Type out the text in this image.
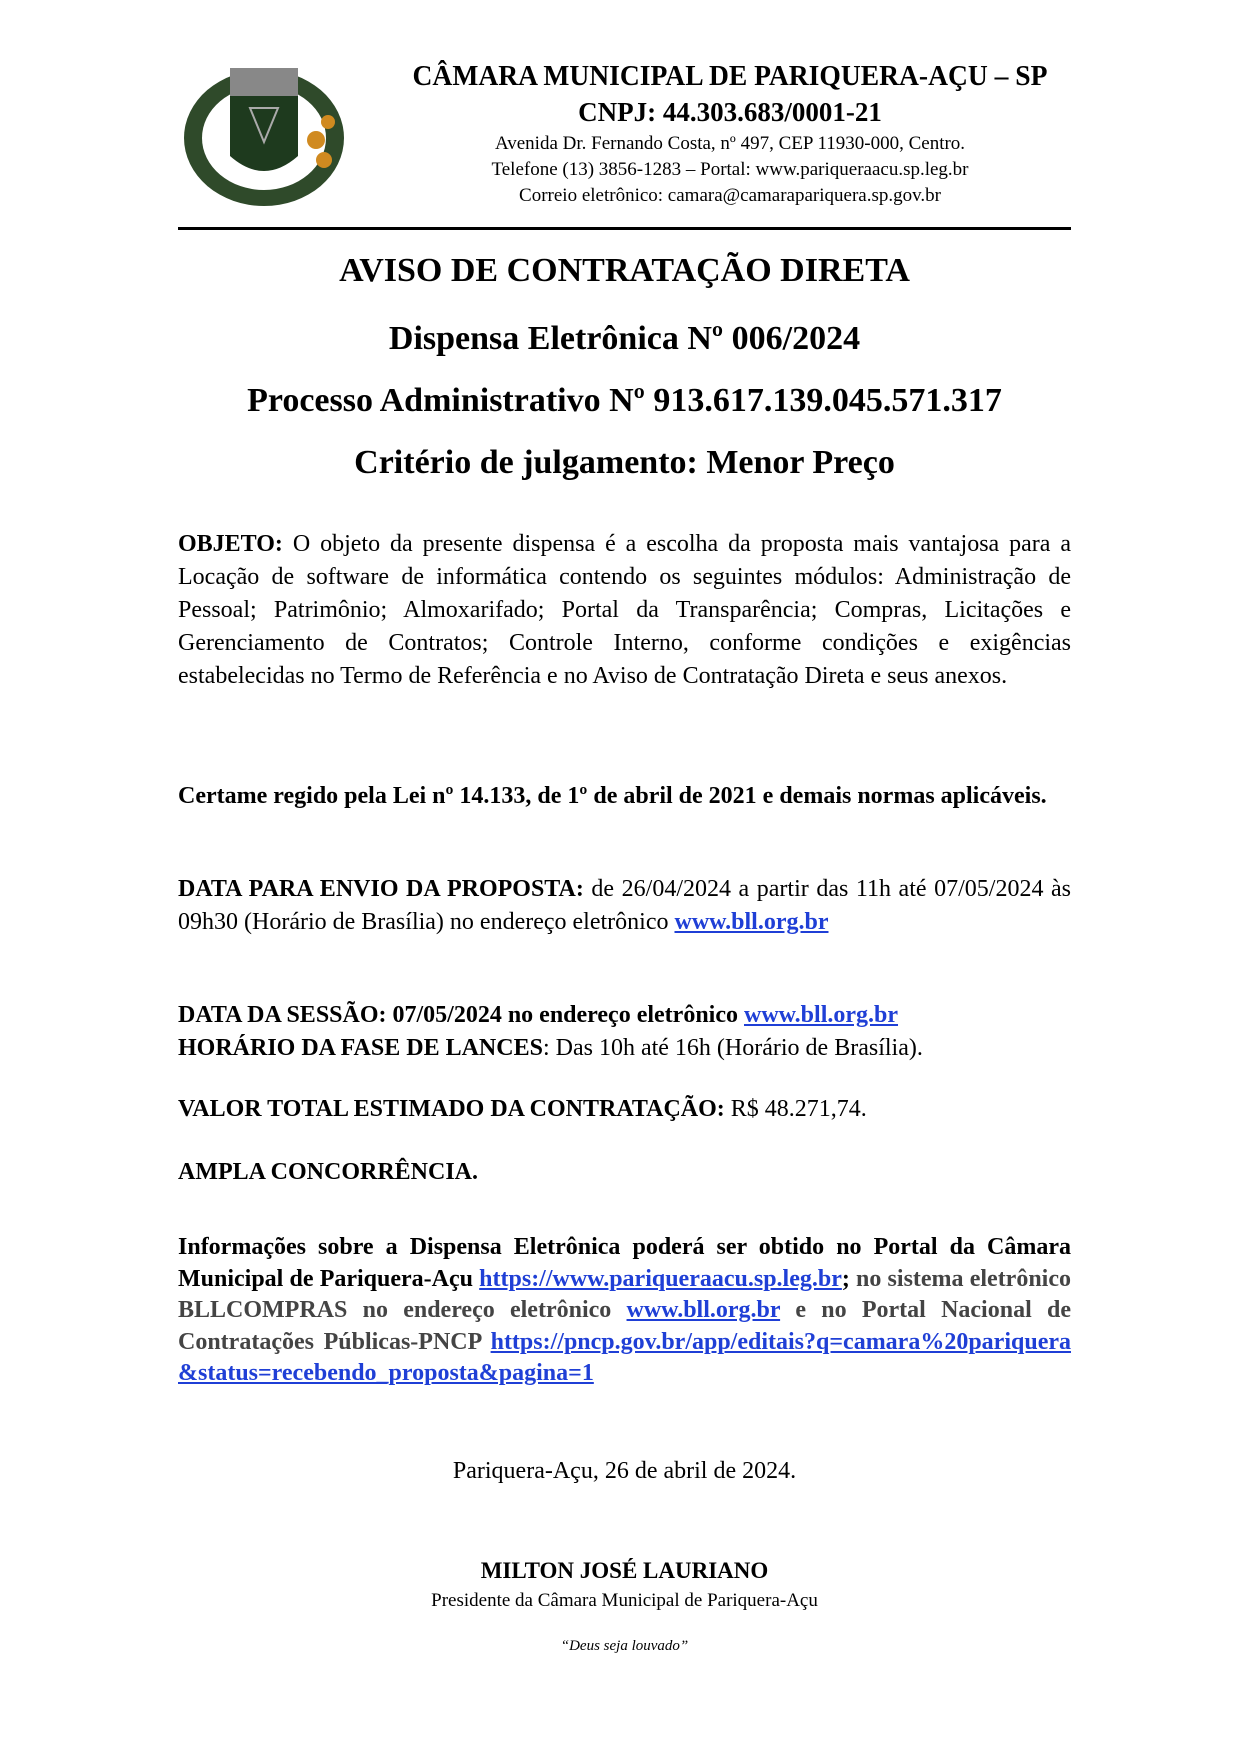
CÂMARA MUNICIPAL DE PARIQUERA-AÇU – SP
CNPJ: 44.303.683/0001-21
Avenida Dr. Fernando Costa, nº 497, CEP 11930-000, Centro.
Telefone (13) 3856-1283 – Portal: www.pariqueraacu.sp.leg.br
Correio eletrônico: camara@camarapariquera.sp.gov.br
AVISO DE CONTRATAÇÃO DIRETA
Dispensa Eletrônica Nº 006/2024
Processo Administrativo Nº 913.617.139.045.571.317
Critério de julgamento: Menor Preço
OBJETO: O objeto da presente dispensa é a escolha da proposta mais vantajosa para a Locação de software de informática contendo os seguintes módulos: Administração de Pessoal; Patrimônio; Almoxarifado; Portal da Transparência; Compras, Licitações e Gerenciamento de Contratos; Controle Interno, conforme condições e exigências estabelecidas no Termo de Referência e no Aviso de Contratação Direta e seus anexos.
Certame regido pela Lei nº 14.133, de 1º de abril de 2021 e demais normas aplicáveis.
DATA PARA ENVIO DA PROPOSTA: de 26/04/2024 a partir das 11h até 07/05/2024 às 09h30 (Horário de Brasília) no endereço eletrônico www.bll.org.br
DATA DA SESSÃO: 07/05/2024 no endereço eletrônico www.bll.org.br
HORÁRIO DA FASE DE LANCES: Das 10h até 16h (Horário de Brasília).
VALOR TOTAL ESTIMADO DA CONTRATAÇÃO: R$ 48.271,74.
AMPLA CONCORRÊNCIA.
Informações sobre a Dispensa Eletrônica poderá ser obtido no Portal da Câmara Municipal de Pariquera-Açu https://www.pariqueraacu.sp.leg.br; no sistema eletrônico BLLCOMPRAS no endereço eletrônico www.bll.org.br e no Portal Nacional de Contratações Públicas-PNCP https://pncp.gov.br/app/editais?q=camara%20pariquera&status=recebendo_proposta&pagina=1
Pariquera-Açu, 26 de abril de 2024.
MILTON JOSÉ LAURIANO
Presidente da Câmara Municipal de Pariquera-Açu
“Deus seja louvado”
